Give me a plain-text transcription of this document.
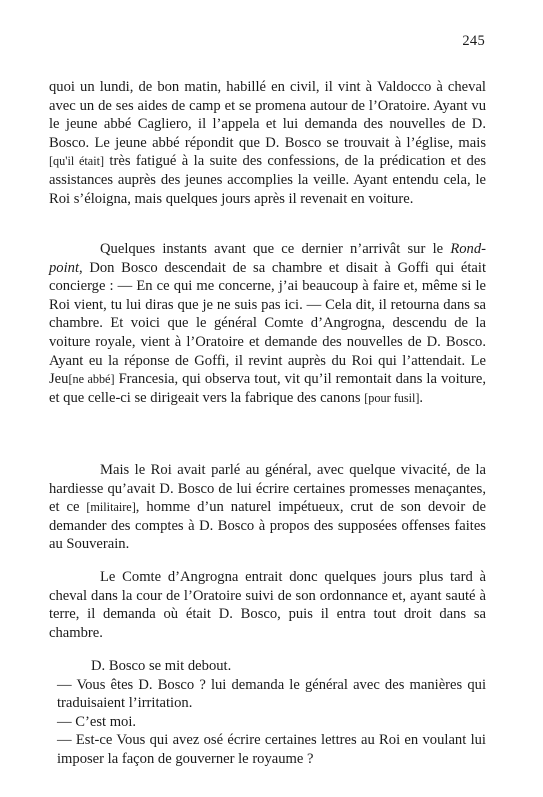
245

quoi un lundi, de bon matin, habillé en civil, il vint à Valdocco à cheval avec un de ses aides de camp et se promena autour de l’Oratoire. Ayant vu le jeune abbé Cagliero, il l’appela et lui demanda des nouvelles de D. Bosco. Le jeune abbé répondit que D. Bosco se trouvait à l’église, mais [qu'il était] très fatigué à la suite des confessions, de la prédication et des assistances auprès des jeunes accomplies la veille. Ayant entendu cela, le Roi s’éloigna, mais quelques jours après il revenait en voiture.

Quelques instants avant que ce dernier n’arrivât sur le Rond-point, Don Bosco descendait de sa chambre et disait à Goffi qui était concierge : — En ce qui me concerne, j’ai beaucoup à faire et, même si le Roi vient, tu lui diras que je ne suis pas ici. — Cela dit, il retourna dans sa chambre. Et voici que le général Comte d’Angrogna, descendu de la voiture royale, vient à l’Oratoire et demande des nouvelles de D. Bosco. Ayant eu la réponse de Goffi, il revint auprès du Roi qui l’attendait. Le Jeu[ne abbé] Francesia, qui observa tout, vit qu’il remontait dans la voiture, et que celle-ci se dirigeait vers la fabrique des canons [pour fusil].

Mais le Roi avait parlé au général, avec quelque vivacité, de la hardiesse qu’avait D. Bosco de lui écrire certaines promesses menaçantes, et ce [militaire], homme d’un naturel impétueux, crut de son devoir de demander des comptes à D. Bosco à propos des supposées offenses faites au Souverain.

Le Comte d’Angrogna entrait donc quelques jours plus tard à cheval dans la cour de l’Oratoire suivi de son ordonnance et, ayant sauté à terre, il demanda où était D. Bosco, puis il entra tout droit dans sa chambre.

D. Bosco se mit debout.

— Vous êtes D. Bosco ? lui demanda le général avec des manières qui traduisaient l’irritation.

— C’est moi.

— Est-ce Vous qui avez osé écrire certaines lettres au Roi en voulant lui imposer la façon de gouverner le royaume ?
